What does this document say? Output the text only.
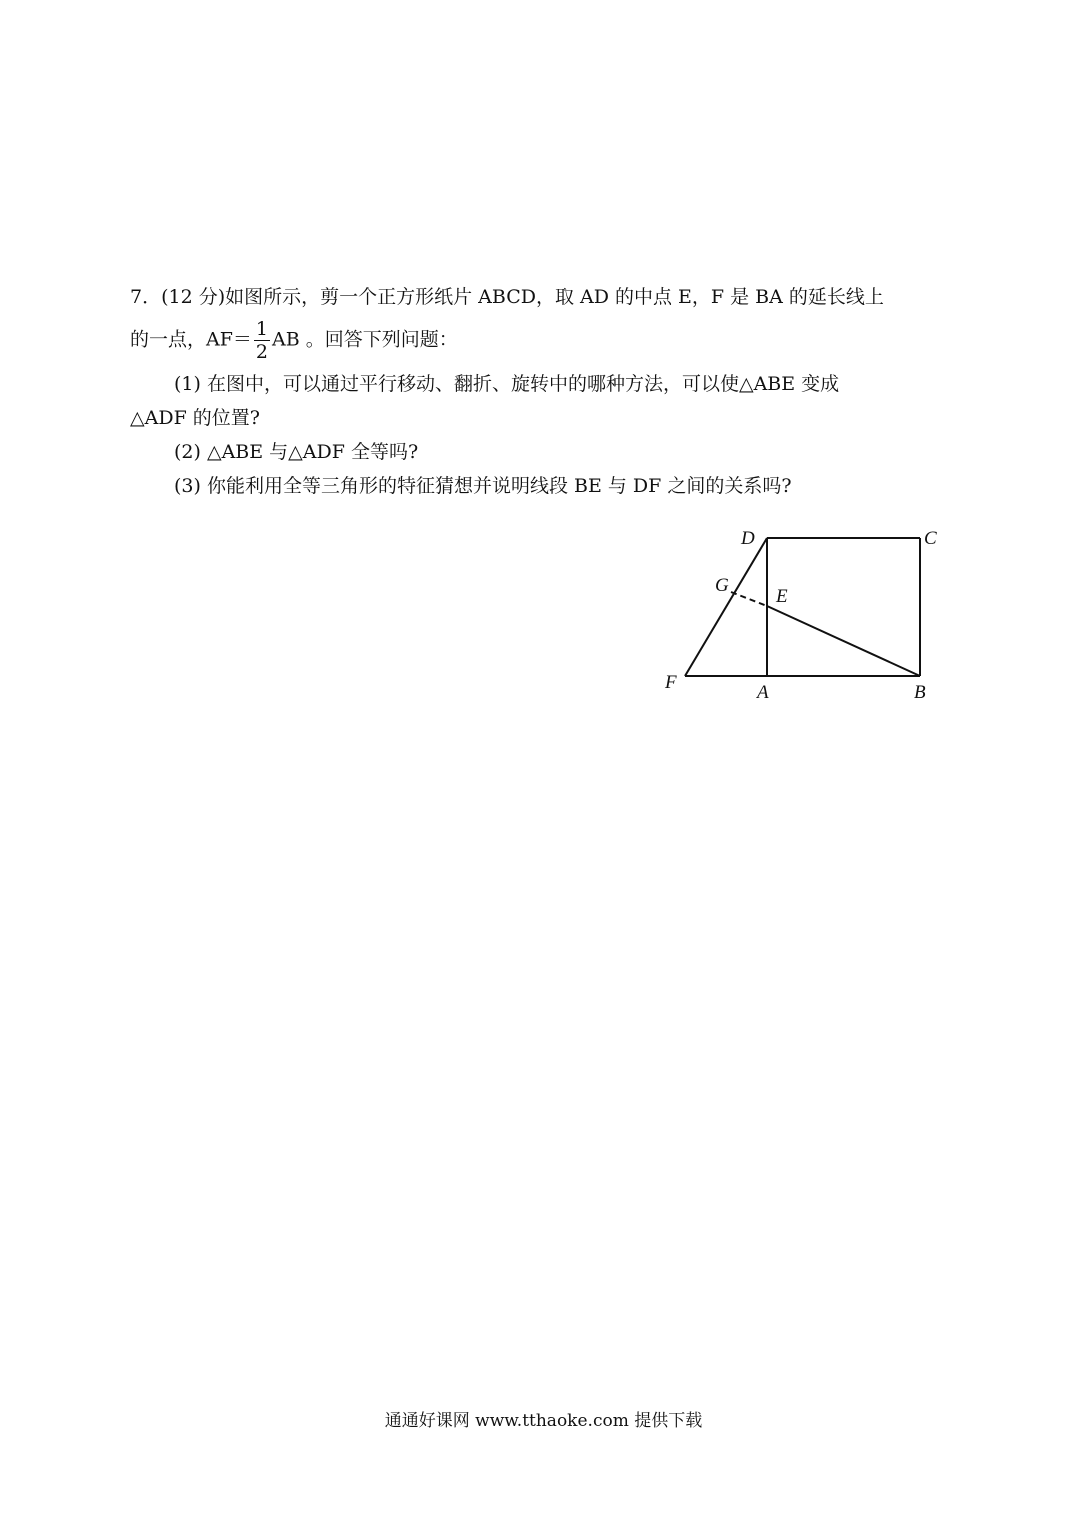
7．(12 分)如图所示，剪一个正方形纸片 ABCD，取 AD 的中点 E，F 是 BA 的延长线上
的一点，$AF= \frac{1}{2}$ AB 。回答下列问题：
(1) 在图中，可以通过平行移动、翻折、旋转中的哪种方法，可以使△ABE 变成
△ADF 的位置?
(2) △ABE 与△ADF 全等吗?
(3) 你能利用全等三角形的特征猜想并说明线段 BE 与 DF 之间的关系吗?
D	C
G
E
F	A	B
通通好课网 www.tthaoke.com 提供下载
